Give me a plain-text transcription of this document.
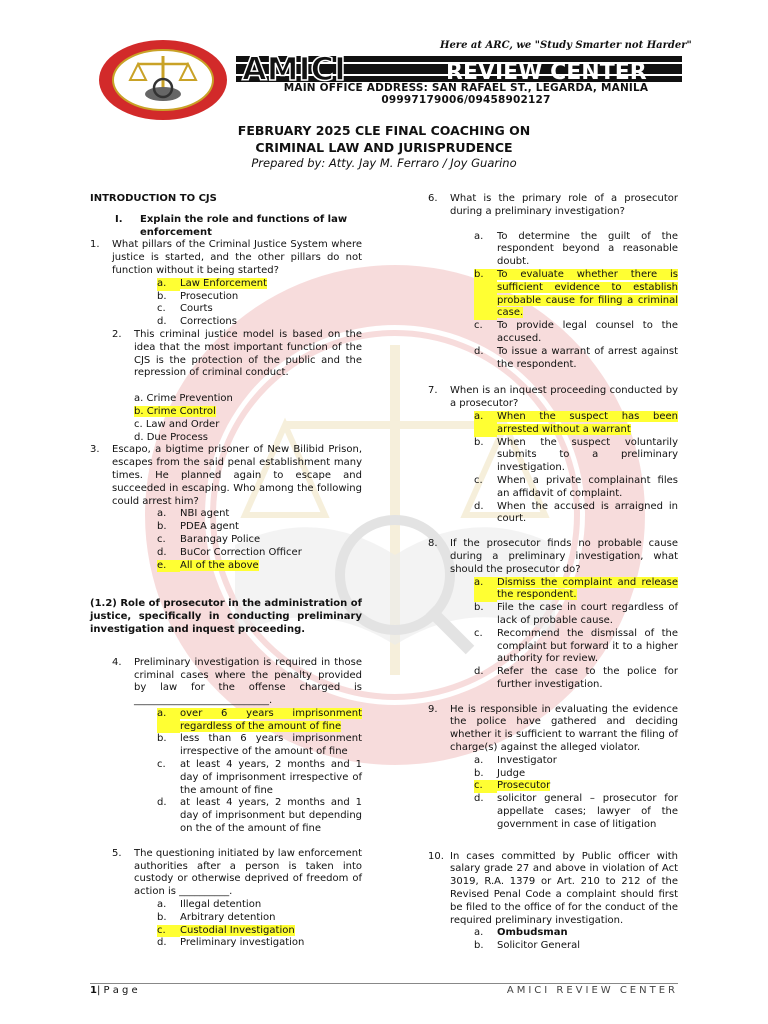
AMICI	REVIEW CENTER
Here at ARC, we "Study Smarter not Harder"
MAIN OFFICE ADDRESS: SAN RAFAEL ST., LEGARDA, MANILA
09997179006/09458902127
FEBRUARY 2025 CLE FINAL COACHING ON
CRIMINAL LAW AND JURISPRUDENCE
Prepared by: Atty. Jay M. Ferraro / Joy Guarino
INTRODUCTION TO CJS
I.	Explain the role and functions of law enforcement
1.	What pillars of the Criminal Justice System where justice is started, and the other pillars do not function without it being started?
a.	Law Enforcement
b.	Prosecution
c.	Courts
d.	Corrections
2.	This criminal justice model is based on the idea that the most important function of the CJS is the protection of the public and the repression of criminal conduct.
a. Crime Prevention
b. Crime Control
c. Law and Order
d. Due Process
3.	Escapo, a bigtime prisoner of New Bilibid Prison, escapes from the said penal establishment many times. He planned again to escape and succeeded in escaping. Who among the following could arrest him?
a.	NBI agent
b.	PDEA agent
c.	Barangay Police
d.	BuCor Correction Officer
e.	All of the above
(1.2) Role of prosecutor in the administration of justice, specifically in conducting preliminary investigation and inquest proceeding.
4.	Preliminary investigation is required in those criminal cases where the penalty provided by law for the offense charged is ___________________________.
a.	over 6 years imprisonment regardless of the amount of fine
b.	less than 6 years imprisonment irrespective of the amount of fine
c.	at least 4 years, 2 months and 1 day of imprisonment irrespective of the amount of fine
d.	at least 4 years, 2 months and 1 day of imprisonment but depending on the of the amount of fine
5.	The questioning initiated by law enforcement authorities after a person is taken into custody or otherwise deprived of freedom of action is __________.
a.	Illegal detention
b.	Arbitrary detention
c.	Custodial Investigation
d.	Preliminary investigation
6.	What is the primary role of a prosecutor during a preliminary investigation?
a.	To determine the guilt of the respondent beyond a reasonable doubt.
b.	To evaluate whether there is sufficient evidence to establish probable cause for filing a criminal case.
c.	To provide legal counsel to the accused.
d.	To issue a warrant of arrest against the respondent.
7.	When is an inquest proceeding conducted by a prosecutor?
a.	When the suspect has been arrested without a warrant
b.	When the suspect voluntarily submits to a preliminary investigation.
c.	When a private complainant files an affidavit of complaint.
d.	When the accused is arraigned in court.
8.	If the prosecutor finds no probable cause during a preliminary investigation, what should the prosecutor do?
a.	Dismiss the complaint and release the respondent.
b.	File the case in court regardless of lack of probable cause.
c.	Recommend the dismissal of the complaint but forward it to a higher authority for review.
d.	Refer the case to the police for further investigation.
9.	He is responsible in evaluating the evidence the police have gathered and deciding whether it is sufficient to warrant the filing of charge(s) against the alleged violator.
a.	Investigator
b.	Judge
c.	Prosecutor
d.	solicitor general – prosecutor for appellate cases; lawyer of the government in case of litigation
10. In cases committed by Public officer with salary grade 27 and above in violation of Act 3019, R.A. 1379 or Art. 210 to 212 of the Revised Penal Code a complaint should first be filed to the office of for the conduct of the required preliminary investigation.
a.	Ombudsman
b.	Solicitor General
1| P a g e	AMICI REVIEW CENTER
